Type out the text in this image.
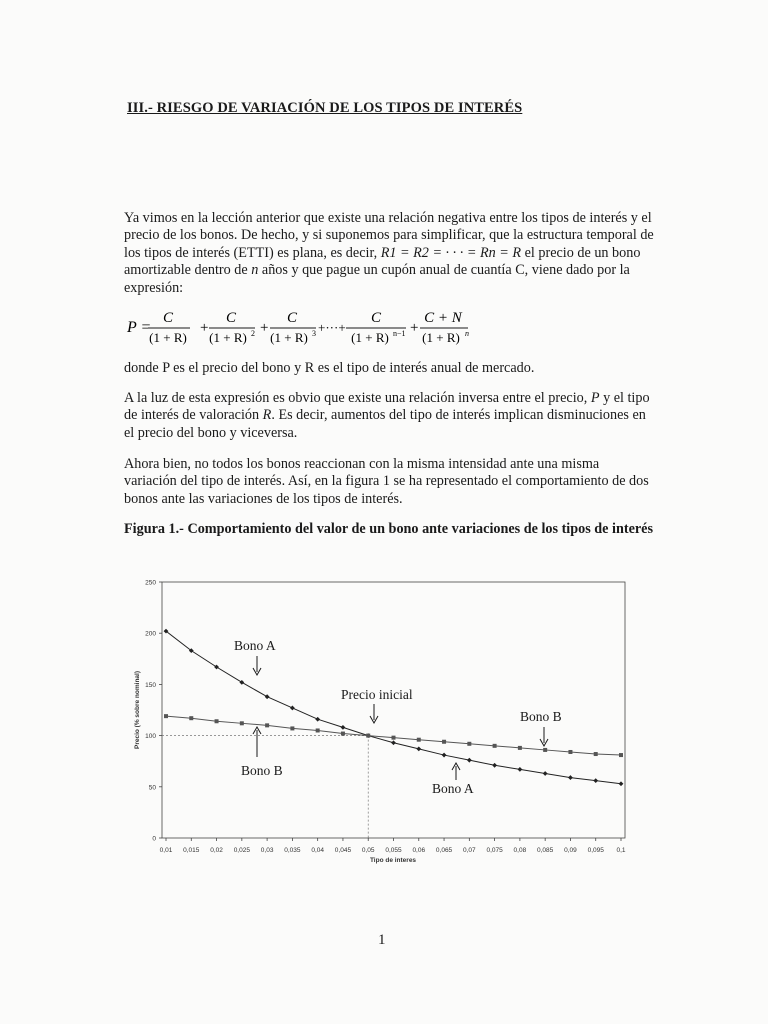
III.- RIESGO DE VARIACIÓN DE LOS TIPOS DE INTERÉS

Ya vimos en la lección anterior que existe una relación negativa entre los tipos de interés y el precio de los bonos. De hecho, y si suponemos para simplificar, que la estructura temporal de los tipos de interés (ETTI) es plana, es decir, R1 = R2 = · · · = Rn = R el precio de un bono amortizable dentro de n años y que pague un cupón anual de cuantía C, viene dado por la expresión:

P =
C
(1 + R)
+
C
(1 + R) 2 +
C
(1 + R) 3 +···+
C
(1 + R) n−1 +
C + N
(1 + R) n

donde P es el precio del bono y R es el tipo de interés anual de mercado.

A la luz de esta expresión es obvio que existe una relación inversa entre el precio, P y el tipo de interés de valoración R. Es decir, aumentos del tipo de interés implican disminuciones en el precio del bono y viceversa.

Ahora bien, no todos los bonos reaccionan con la misma intensidad ante una misma variación del tipo de interés. Así, en la figura 1 se ha representado el comportamiento de dos bonos ante las variaciones de los tipos de interés.

Figura 1.- Comportamiento del valor de un bono ante variaciones de los tipos de interés
0
50
100
150
200
250
0,01 0,015 0,02 0,025 0,03 0,035 0,04 0,045 0,05 0,055 0,06 0,065 0,07 0,075 0,08 0,085 0,09 0,095 0,1
Precio (% sobre nominal)
Tipo de interes
Bono A
Precio inicial
Bono B
Bono B
Bono A
1
